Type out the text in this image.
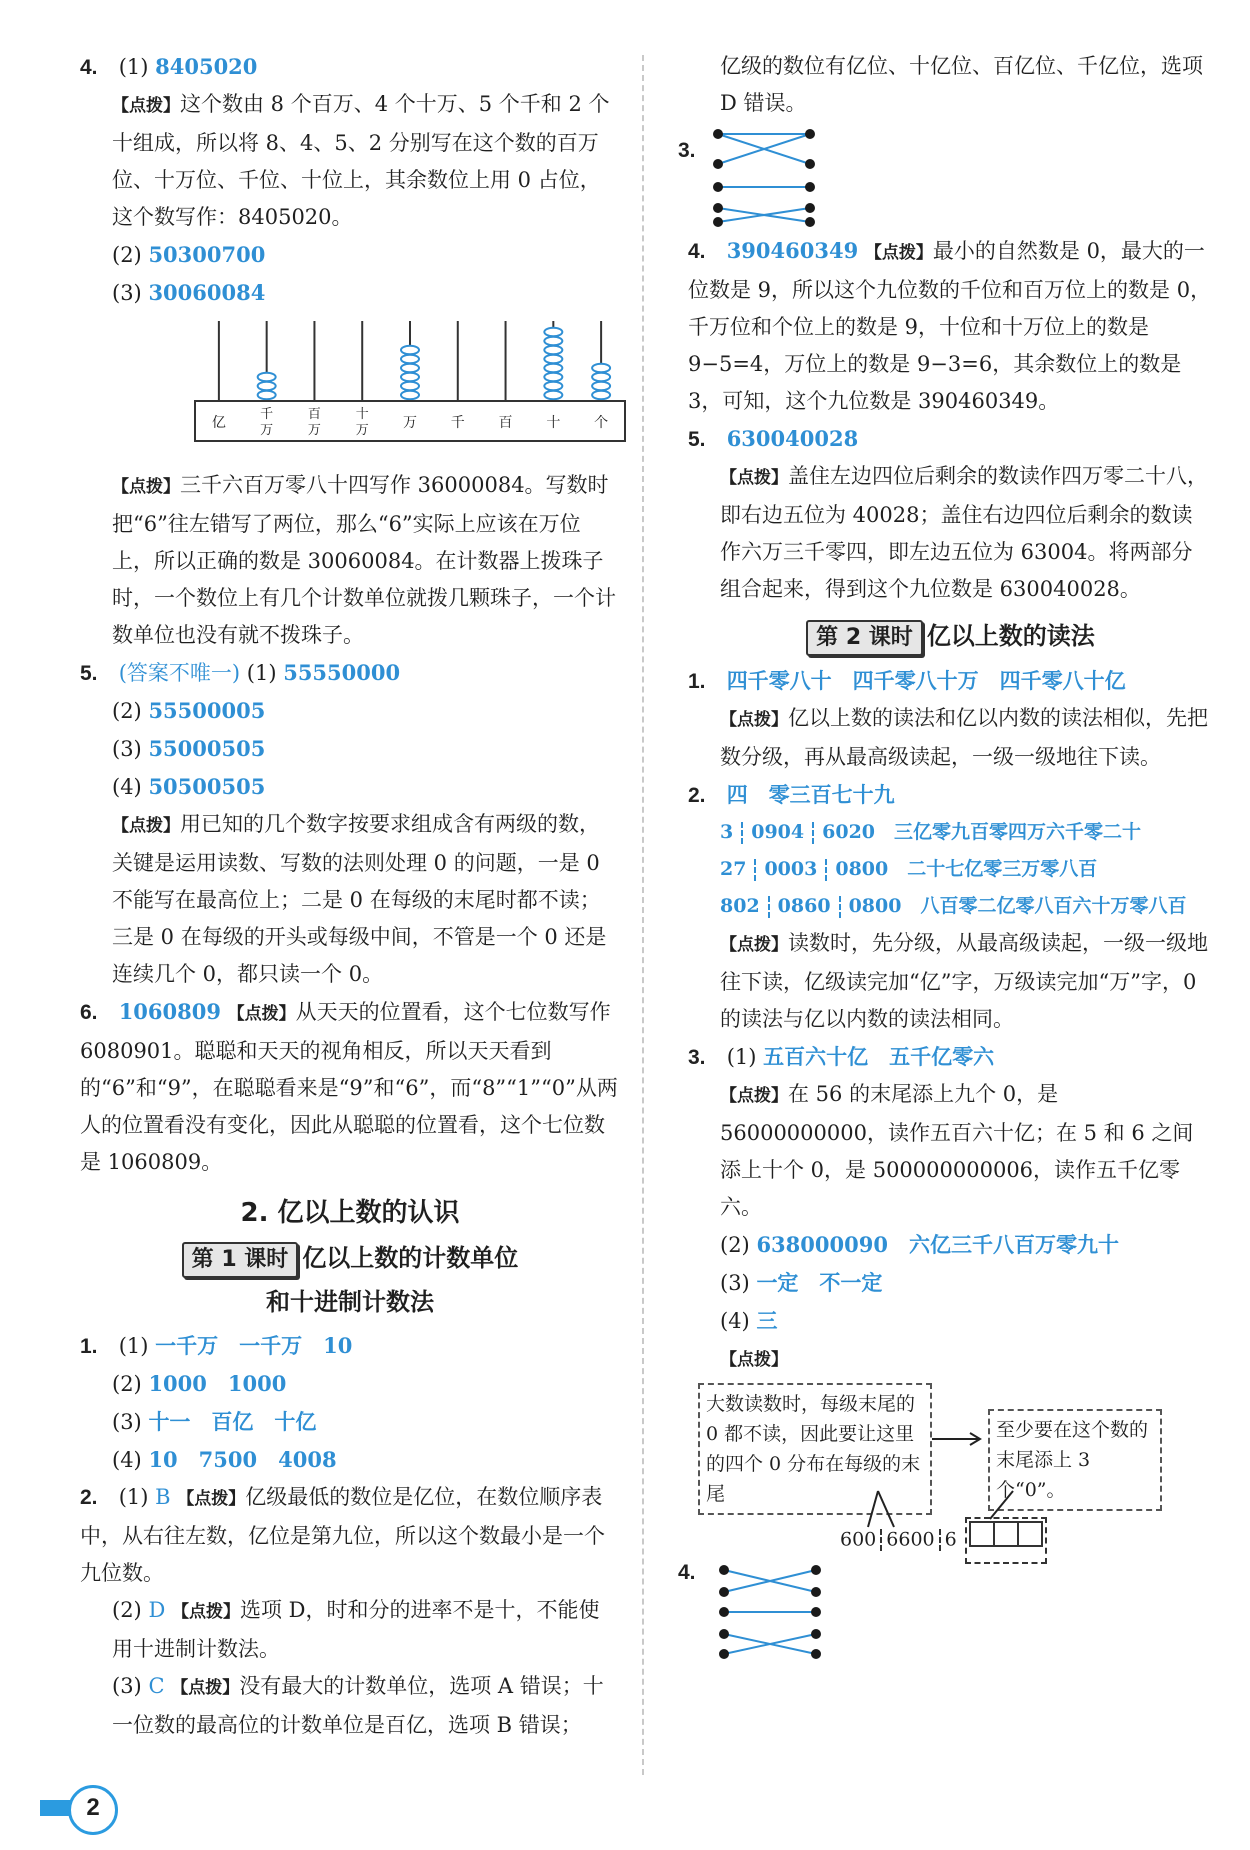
4. (1) 8405020

【点拨】这个数由 8 个百万、4 个十万、5 个千和 2 个十组成，所以将 8、4、5、2 分别写在这个数的百万位、十万位、千位、十位上，其余数位上用 0 占位，这个数写作：8405020。

(2) 50300700

(3) 30060084

亿
千
万
百
万
十
万 万 千 百 十 个

【点拨】三千六百万零八十四写作 36000084。写数时把“6”往左错写了两位，那么“6”实际上应该在万位上，所以正确的数是 30060084。在计数器上拨珠子时，一个数位上有几个计数单位就拨几颗珠子，一个计数单位也没有就不拨珠子。

5. (答案不唯一) (1) 55550000

(2) 55500005

(3) 55000505

(4) 50500505

【点拨】用已知的几个数字按要求组成含有两级的数，关键是运用读数、写数的法则处理 0 的问题，一是 0 不能写在最高位上；二是 0 在每级的末尾时都不读；三是 0 在每级的开头或每级中间，不管是一个 0 还是连续几个 0，都只读一个 0。

6. 1060809 【点拨】从天天的位置看，这个七位数写作 6080901。聪聪和天天的视角相反，所以天天看到的“6”和“9”，在聪聪看来是“9”和“6”，而“8”“1”“0”从两人的位置看没有变化，因此从聪聪的位置看，这个七位数是 1060809。

2. 亿以上数的认识
第 1 课时 亿以上数的计数单位
和十进制计数法

1. (1) 一千万　一千万　10

(2) 1000　1000

(3) 十一　百亿　十亿

(4) 10　7500　4008

2. (1) B 【点拨】亿级最低的数位是亿位，在数位顺序表中，从右往左数，亿位是第九位，所以这个数最小是一个九位数。

(2) D 【点拨】选项 D，时和分的进率不是十，不能使用十进制计数法。

(3) C 【点拨】没有最大的计数单位，选项 A 错误；十一位数的最高位的计数单位是百亿，选项 B 错误；

亿级的数位有亿位、十亿位、百亿位、千亿位，选项 D 错误。

3.

4. 390460349 【点拨】最小的自然数是 0，最大的一位数是 9，所以这个九位数的千位和百万位上的数是 0，千万位和个位上的数是 9，十位和十万位上的数是 9−5=4，万位上的数是 9−3=6，其余数位上的数是 3，可知，这个九位数是 390460349。

5. 630040028

【点拨】盖住左边四位后剩余的数读作四万零二十八，即右边五位为 40028；盖住右边四位后剩余的数读作六万三千零四，即左边五位为 63004。将两部分组合起来，得到这个九位数是 630040028。

第 2 课时 亿以上数的读法

1. 四千零八十　四千零八十万　四千零八十亿

【点拨】亿以上数的读法和亿以内数的读法相似，先把数分级，再从最高级读起，一级一级地往下读。

2. 四　零三百七十九

3 0904 6020　 三亿零九百零四万六千零二十

27 0003 0800　 二十七亿零三万零八百

802 0860 0800　 八百零二亿零八百六十万零八百

【点拨】读数时，先分级，从最高级读起，一级一级地往下读，亿级读完加“亿”字，万级读完加“万”字，0 的读法与亿以内数的读法相同。

3. (1) 五百六十亿　五千亿零六

【点拨】在 56 的末尾添上九个 0，是 56000000000，读作五百六十亿；在 5 和 6 之间添上十个 0，是 500000000006，读作五千亿零六。

(2) 638000090　六亿三千八百万零九十

(3) 一定　不一定

(4) 三

【点拨】

大数读数时，每级末尾的 0 都不读，因此要让这里的四个 0 分布在每级的末尾
至少要在这个数的末尾添上 3 个“0”。
600 6600 6
4.
2
